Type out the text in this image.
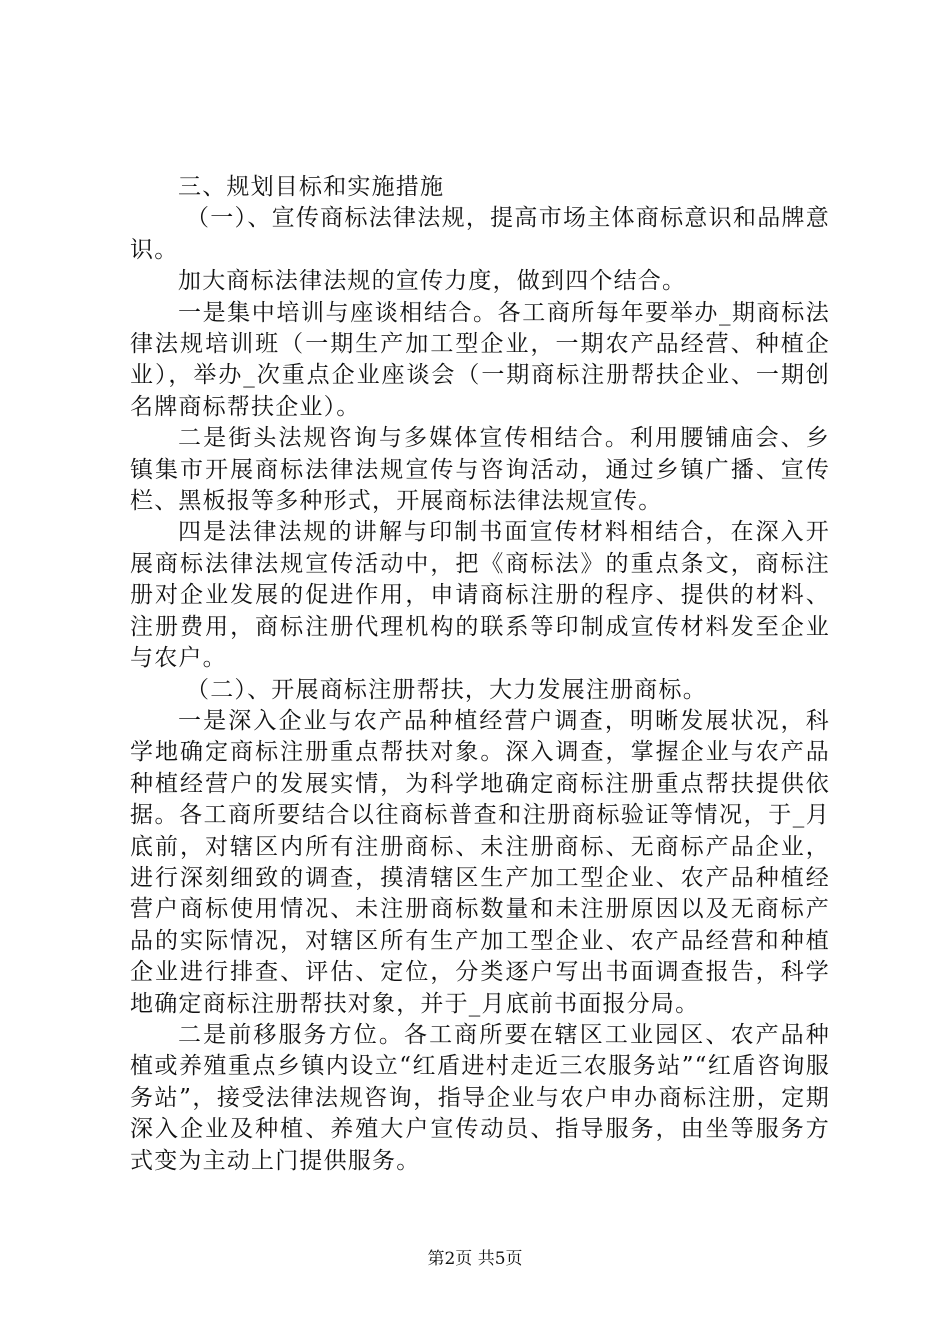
三、规划目标和实施措施

（一）、宣传商标法律法规，提高市场主体商标意识和品牌意识。

加大商标法律法规的宣传力度，做到四个结合。

一是集中培训与座谈相结合。各工商所每年要举办_期商标法律法规培训班（一期生产加工型企业，一期农产品经营、种植企业），举办_次重点企业座谈会（一期商标注册帮扶企业、一期创名牌商标帮扶企业）。

二是街头法规咨询与多媒体宣传相结合。利用腰铺庙会、乡镇集市开展商标法律法规宣传与咨询活动，通过乡镇广播、宣传栏、黑板报等多种形式，开展商标法律法规宣传。

四是法律法规的讲解与印制书面宣传材料相结合，在深入开展商标法律法规宣传活动中，把《商标法》的重点条文，商标注册对企业发展的促进作用，申请商标注册的程序、提供的材料、注册费用，商标注册代理机构的联系等印制成宣传材料发至企业与农户。

（二）、开展商标注册帮扶，大力发展注册商标。

一是深入企业与农产品种植经营户调查，明晰发展状况，科学地确定商标注册重点帮扶对象。深入调查，掌握企业与农产品种植经营户的发展实情，为科学地确定商标注册重点帮扶提供依据。各工商所要结合以往商标普查和注册商标验证等情况，于_月底前，对辖区内所有注册商标、未注册商标、无商标产品企业，进行深刻细致的调查，摸清辖区生产加工型企业、农产品种植经营户商标使用情况、未注册商标数量和未注册原因以及无商标产品的实际情况，对辖区所有生产加工型企业、农产品经营和种植企业进行排查、评估、定位，分类逐户写出书面调查报告，科学地确定商标注册帮扶对象，并于_月底前书面报分局。

二是前移服务方位。各工商所要在辖区工业园区、农产品种植或养殖重点乡镇内设立“红盾进村走近三农服务站”“红盾咨询服务站”，接受法律法规咨询，指导企业与农户申办商标注册，定期深入企业及种植、养殖大户宣传动员、指导服务，由坐等服务方式变为主动上门提供服务。

第2页 共5页
